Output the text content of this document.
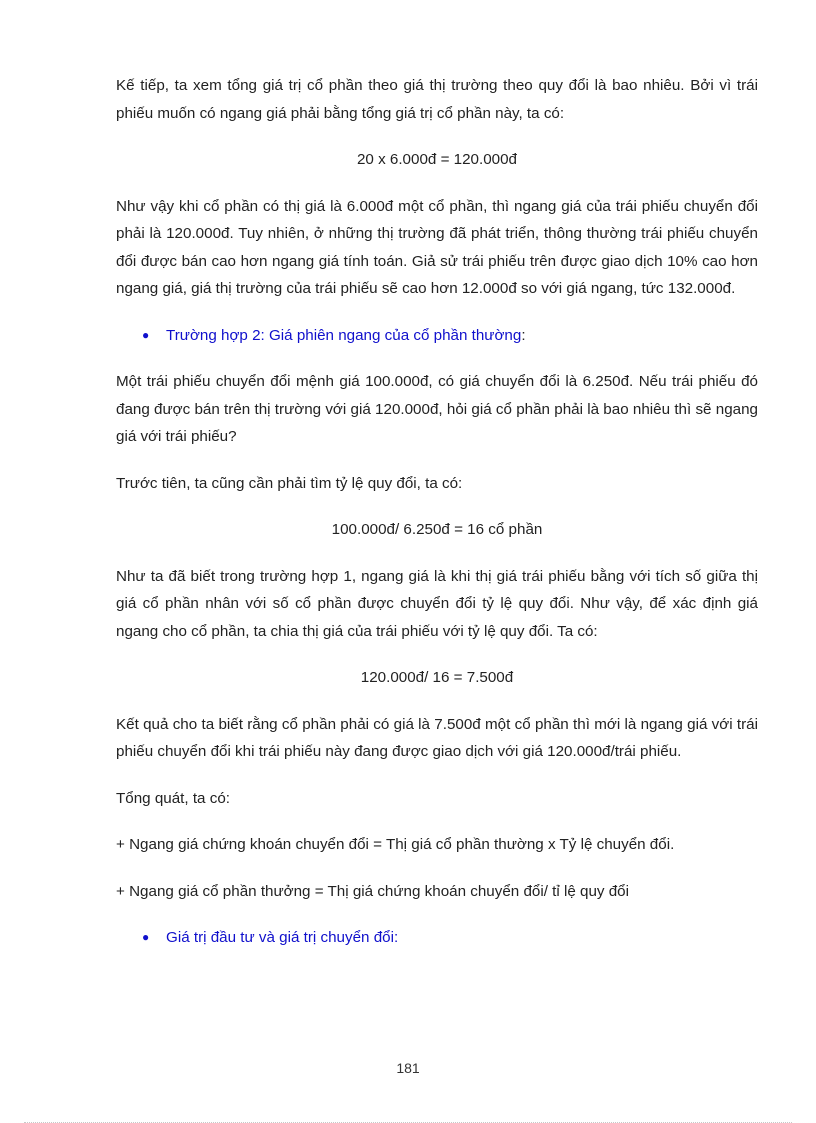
Kế tiếp, ta xem tổng giá trị cổ phần theo giá thị trường theo quy đổi là bao nhiêu. Bởi vì trái phiếu muốn có ngang giá phải bằng tổng giá trị cổ phần này, ta có:

20 x 6.000đ = 120.000đ

Như vậy khi cổ phần có thị giá là 6.000đ một cổ phần, thì ngang giá của trái phiếu chuyển đổi phải là 120.000đ. Tuy nhiên, ở những thị trường đã phát triển, thông thường trái phiếu chuyển đổi được bán cao hơn ngang giá tính toán. Giả sử trái phiếu trên được giao dịch 10% cao hơn ngang giá, giá thị trường của trái phiếu sẽ cao hơn 12.000đ so với giá ngang, tức 132.000đ.

● Trường hợp 2: Giá phiên ngang của cổ phần thường:

Một trái phiếu chuyển đổi mệnh giá 100.000đ, có giá chuyển đổi là 6.250đ. Nếu trái phiếu đó đang được bán trên thị trường với giá 120.000đ, hỏi giá cổ phần phải là bao nhiêu thì sẽ ngang giá với trái phiếu?

Trước tiên, ta cũng cần phải tìm tỷ lệ quy đổi, ta có:

100.000đ/ 6.250đ = 16 cổ phần

Như ta đã biết trong trường hợp 1, ngang giá là khi thị giá trái phiếu bằng với tích số giữa thị giá cổ phần nhân với số cổ phần được chuyển đổi tỷ lệ quy đổi. Như vậy, để xác định giá ngang cho cổ phần, ta chia thị giá của trái phiếu với tỷ lệ quy đổi. Ta có:

120.000đ/ 16 = 7.500đ

Kết quả cho ta biết rằng cổ phần phải có giá là 7.500đ một cổ phần thì mới là ngang giá với trái phiếu chuyển đổi khi trái phiếu này đang được giao dịch với giá 120.000đ/trái phiếu.

Tổng quát, ta có:

+ Ngang giá chứng khoán chuyển đổi = Thị giá cổ phần thường x Tỷ lệ chuyển đổi.

+ Ngang giá cổ phần thưởng = Thị giá chứng khoán chuyển đổi/ tỉ lệ quy đổi

● Giá trị đầu tư và giá trị chuyển đổi:
181
